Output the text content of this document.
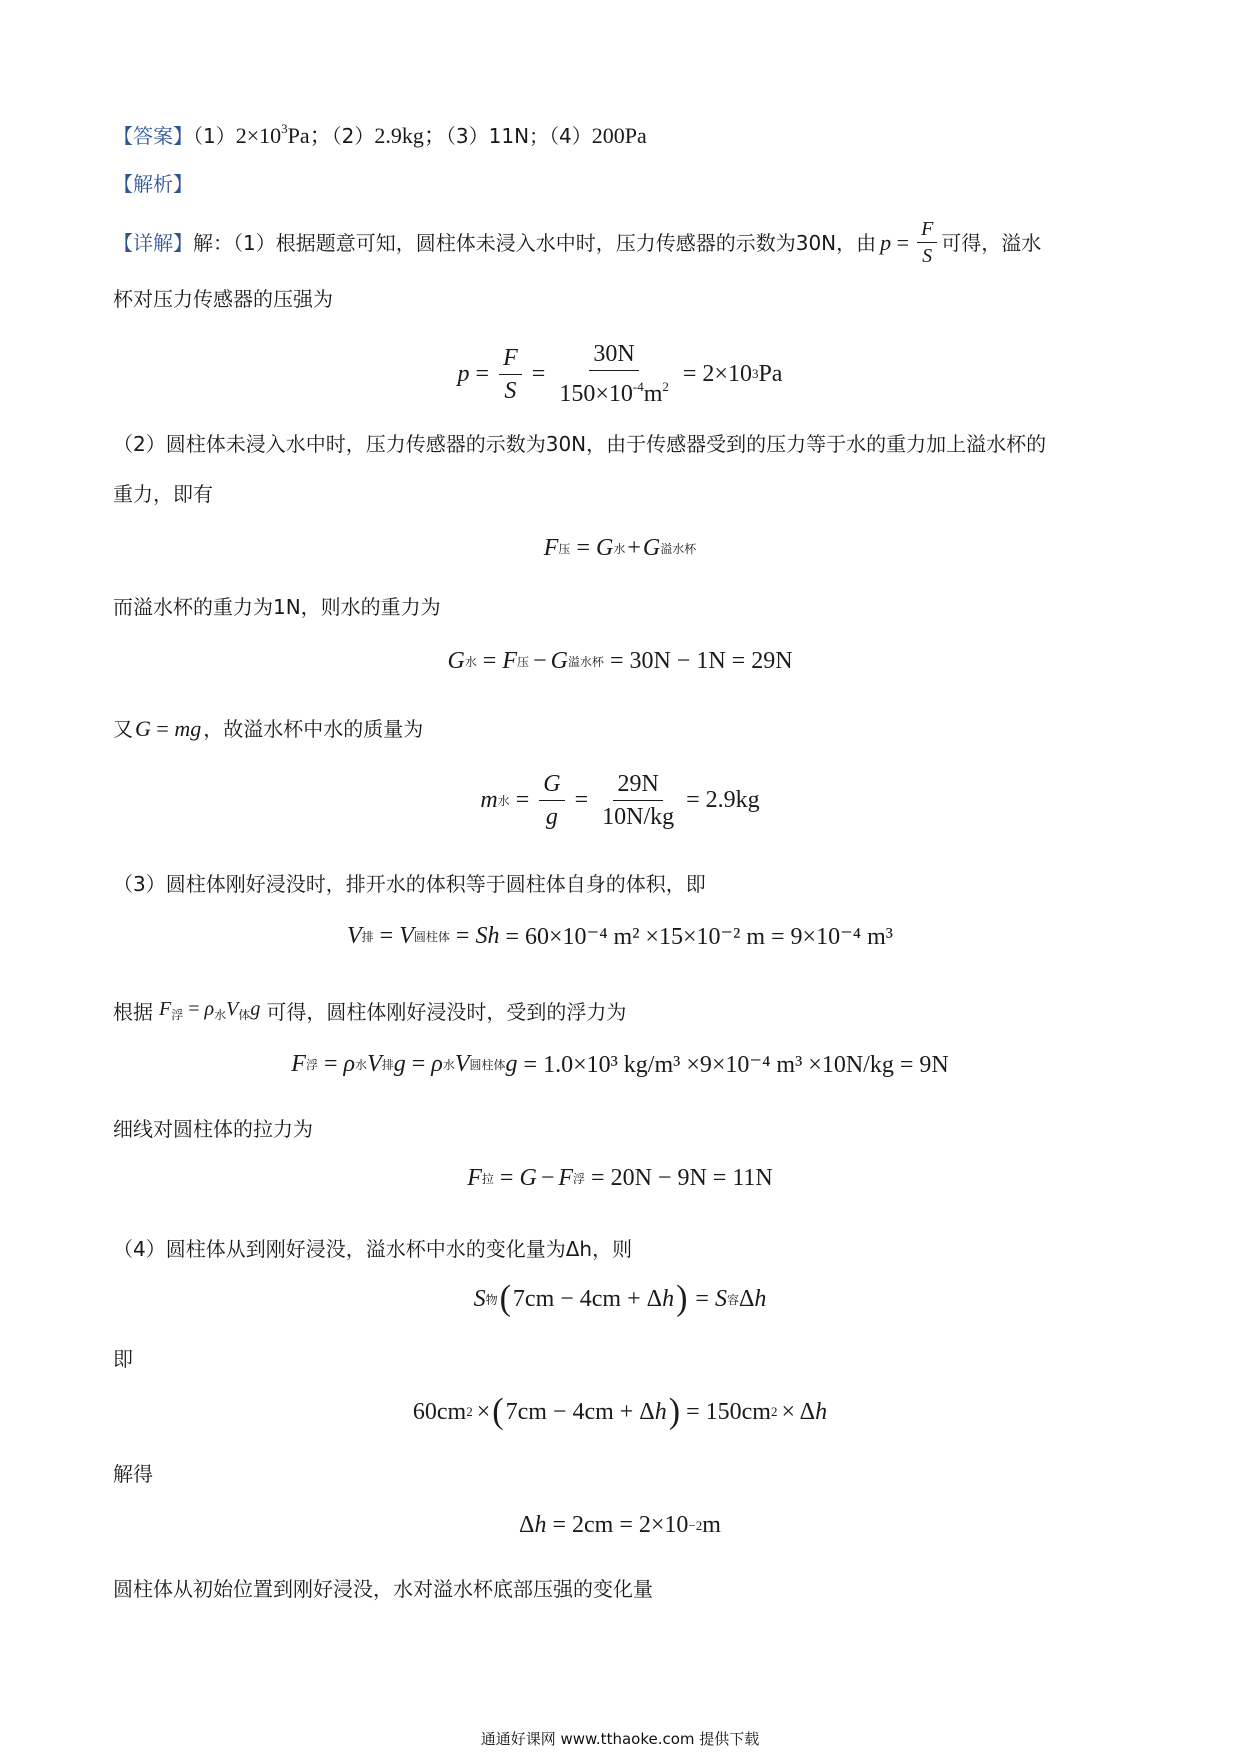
【答案】$(1)2\times 10^3Pa$；（2）2.9kg；（3）11N；（4）200Pa
【解析】
【详解】 解：（1）根据题意可知，圆柱体未浸入水中时，压力传感器的示数为30N，由 $p = \frac{F}{S}$ 可得，溢水
杯对压力传感器的压强为
$p = \frac{F}{S} = \frac{30N}{150\times 10^{-4}m^2} = 2\times 10$ 3 Pa
（2）圆柱体未浸入水中时，压力传感器的示数为30N，由于传感器受到的压力等于水的重力加上溢水杯的
重力，即有
F 压 = G 水 + G 溢水杯
而溢水杯的重力为1N，则水的重力为
G 水 = F 压 − G 溢水杯 = 30N − 1N = 29N
又 G = mg ，故溢水杯中水的质量为
m 水 = $\frac{G}{g} = \frac{29N}{10N/kg} = 2.9kg$
（3）圆柱体刚好浸没时，排开水的体积等于圆柱体自身的体积，即
V 排 = V 圆柱体 = Sh = 60×10⁻⁴ m² ×15×10⁻² m = 9×10⁻⁴ m³
根据 $F_浮 = \rho_水V_体g$ 可得，圆柱体刚好浸没时，受到的浮力为
F 浮 = ρ 水 V 排 g = ρ 水 V 圆柱体 g = 1.0×10³ kg/m³ ×9×10⁻⁴ m³ ×10N/kg = 9N
细线对圆柱体的拉力为
F 拉 = G − F 浮 = 20N − 9N = 11N
（4）圆柱体从到刚好浸没，溢水杯中水的变化量为Δh，则
S 物 ( 7cm − 4cm + Δ h ) = S 容 Δ h
即
60cm 2 × ( 7cm − 4cm + Δ h ) = 150cm 2 × Δ h
解得
Δ h = 2cm = 2×10 −2 m
圆柱体从初始位置到刚好浸没，水对溢水杯底部压强的变化量
通通好课网 www.tthaoke.com 提供下载
